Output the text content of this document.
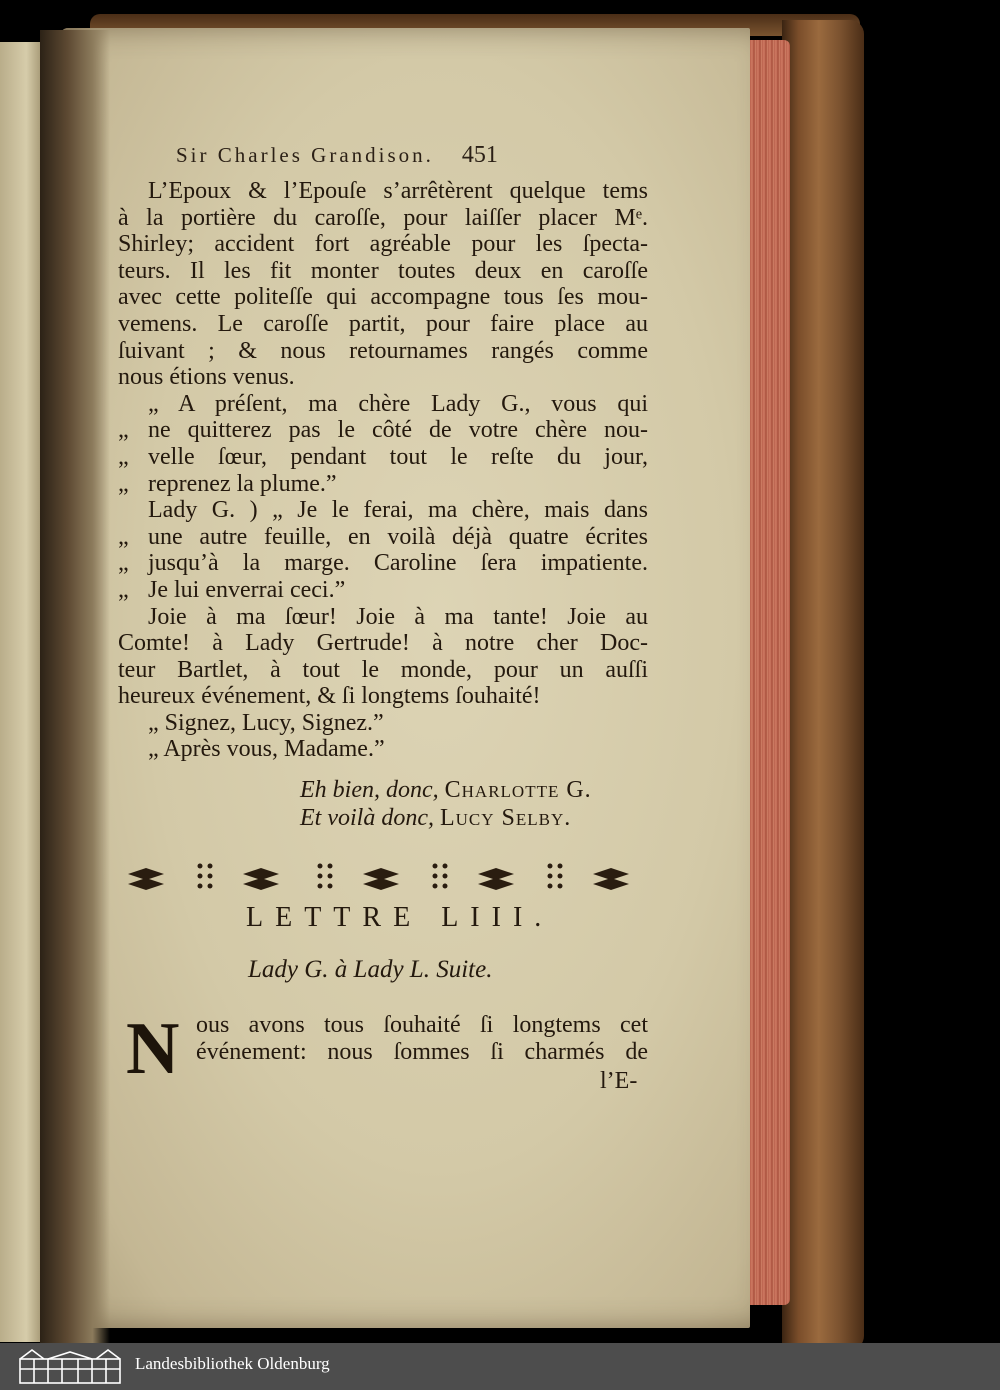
Sir Charles Grandison. 451
L’Epoux & l’Epouſe s’arrêtèrent quelque tems
à la portière du caroſſe, pour laiſſer placer Mᵉ.
Shirley; accident fort agréable pour les ſpecta-
teurs. Il les fit monter toutes deux en caroſſe
avec cette politeſſe qui accompagne tous ſes mou-
vemens. Le caroſſe partit, pour faire place au
ſuivant ; & nous retournames rangés comme
nous étions venus.
„ A préſent, ma chère Lady G., vous qui
„ ne quitterez pas le côté de votre chère nou-
„ velle ſœur, pendant tout le reſte du jour,
„ reprenez la plume.”
Lady G. ) „ Je le ferai, ma chère, mais dans
„ une autre feuille, en voilà déjà quatre écrites
„ jusqu’à la marge. Caroline ſera impatiente.
„ Je lui enverrai ceci.”
Joie à ma ſœur! Joie à ma tante! Joie au
Comte! à Lady Gertrude! à notre cher Doc-
teur Bartlet, à tout le monde, pour un auſſi
heureux événement, & ſi longtems ſouhaité!
„ Signez, Lucy, Signez.”
„ Après vous, Madame.”
Eh bien, donc, Charlotte G.
Et voilà donc, Lucy Selby.
LETTRE LIII.
Lady G. à Lady L. Suite.
N ous avons tous ſouhaité ſi longtems cet
événement: nous ſommes ſi charmés de
l’E-
Landesbibliothek Oldenburg
